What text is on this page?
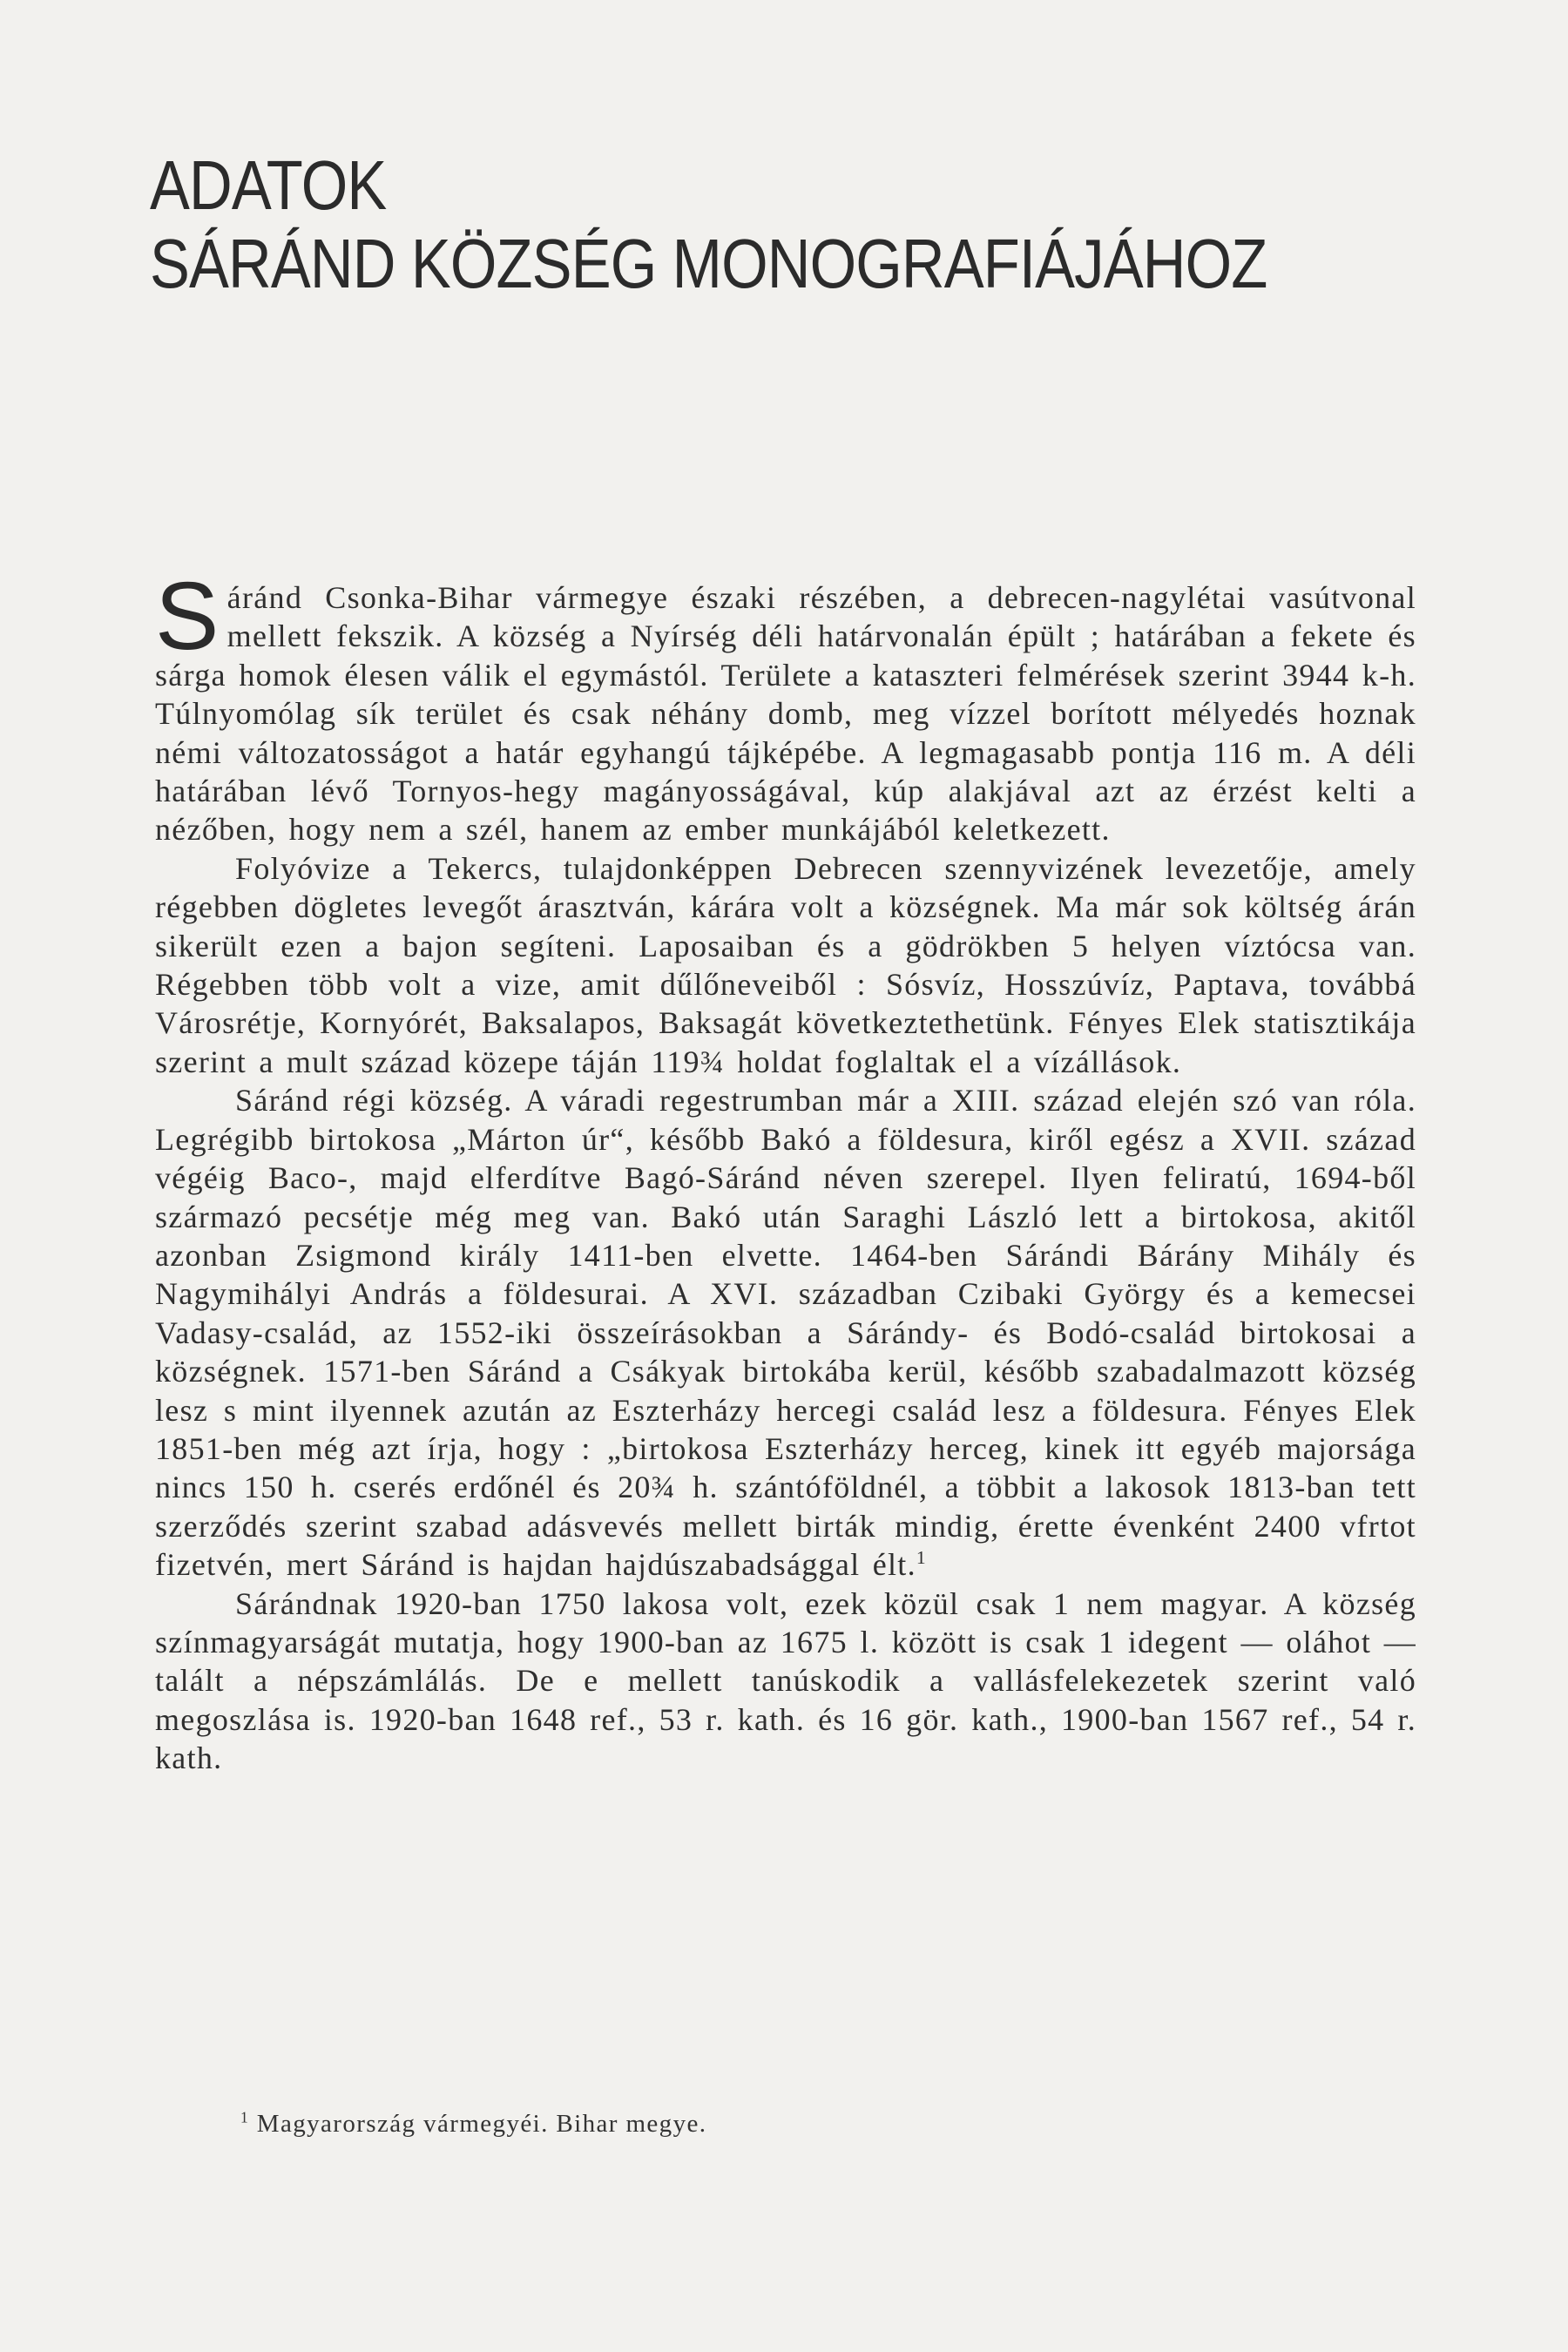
ADATOK
SÁRÁND KÖZSÉG MONOGRAFIÁJÁHOZ

Sáránd Csonka-Bihar vármegye északi részében, a debrecen-nagylétai vasútvonal mellett fekszik. A község a Nyírség déli határvonalán épült ; határában a fekete és sárga homok élesen válik el egymástól. Területe a kataszteri felmérések szerint 3944 k-h. Túlnyomólag sík terület és csak néhány domb, meg vízzel borított mélyedés hoznak némi változatosságot a határ egyhangú tájképébe. A legmagasabb pontja 116 m. A déli határában lévő Tornyos-hegy magányosságával, kúp alakjával azt az érzést kelti a nézőben, hogy nem a szél, hanem az ember munkájából keletkezett.

Folyóvize a Tekercs, tulajdonképpen Debrecen szennyvizének levezetője, amely régebben dögletes levegőt árasztván, kárára volt a községnek. Ma már sok költség árán sikerült ezen a bajon segíteni. Laposaiban és a gödrökben 5 helyen víztócsa van. Régebben több volt a vize, amit dűlőneveiből : Sósvíz, Hosszúvíz, Paptava, továbbá Városrétje, Kornyórét, Baksalapos, Baksagát következtethetünk. Fényes Elek statisztikája szerint a mult század közepe táján 119¾ holdat foglaltak el a vízállások.

Sáránd régi község. A váradi regestrumban már a XIII. század elején szó van róla. Legrégibb birtokosa „Márton úr“, később Bakó a földesura, kiről egész a XVII. század végéig Baco-, majd elferdítve Bagó-Sáránd néven szerepel. Ilyen feliratú, 1694-ből származó pecsétje még meg van. Bakó után Saraghi László lett a birtokosa, akitől azonban Zsigmond király 1411-ben elvette. 1464-ben Sárándi Bárány Mihály és Nagymihályi András a földesurai. A XVI. században Czibaki György és a kemecsei Vadasy-család, az 1552-iki összeírásokban a Sárándy- és Bodó-család birtokosai a községnek. 1571-ben Sáránd a Csákyak birtokába kerül, később szabadalmazott község lesz s mint ilyennek azután az Eszterházy hercegi család lesz a földesura. Fényes Elek 1851-ben még azt írja, hogy : „birtokosa Eszterházy herceg, kinek itt egyéb majorsága nincs 150 h. cserés erdőnél és 20¾ h. szántóföldnél, a többit a lakosok 1813-ban tett szerződés szerint szabad adásvevés mellett birták mindig, érette évenként 2400 vfrtot fizetvén, mert Sáránd is hajdan hajdúszabadsággal élt.$^1$

Sárándnak 1920-ban 1750 lakosa volt, ezek közül csak 1 nem magyar. A község színmagyarságát mutatja, hogy 1900-ban az 1675 l. között is csak 1 idegent — oláhot — talált a népszámlálás. De e mellett tanúskodik a vallásfelekezetek szerint való megoszlása is. 1920-ban 1648 ref., 53 r. kath. és 16 gör. kath., 1900-ban 1567 ref., 54 r. kath.

$^1$ Magyarország vármegyéi. Bihar megye.
